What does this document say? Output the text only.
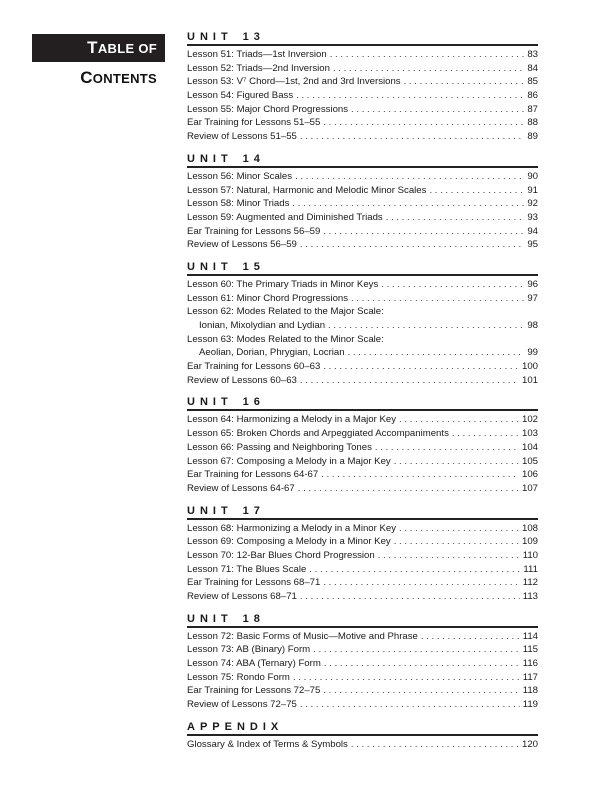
T ABLE OF
CONTENTS
UNIT 13
Lesson 51: Triads—1st Inversion . . .	83
Lesson 52: Triads—2nd Inversion . . .	84
Lesson 53: V⁷ Chord—1st, 2nd and 3rd Inversions . . .	85
Lesson 54: Figured Bass . . .	86
Lesson 55: Major Chord Progressions . . .	87
Ear Training for Lessons 51–55 . . .	88
Review of Lessons 51–55 . . .	89
UNIT 14
Lesson 56: Minor Scales . . .	90
Lesson 57: Natural, Harmonic and Melodic Minor Scales . . .	91
Lesson 58: Minor Triads . . .	92
Lesson 59: Augmented and Diminished Triads . . .	93
Ear Training for Lessons 56–59 . . .	94
Review of Lessons 56–59 . . .	95
UNIT 15
Lesson 60: The Primary Triads in Minor Keys . . .	96
Lesson 61: Minor Chord Progressions . . .	97
Lesson 62: Modes Related to the Major Scale:
Ionian, Mixolydian and Lydian . . .	98
Lesson 63: Modes Related to the Minor Scale:
Aeolian, Dorian, Phrygian, Locrian . . .	99
Ear Training for Lessons 60–63 . . .	100
Review of Lessons 60–63 . . .	101
UNIT 16
Lesson 64: Harmonizing a Melody in a Major Key . . .	102
Lesson 65: Broken Chords and Arpeggiated Accompaniments . . .	103
Lesson 66: Passing and Neighboring Tones . . .	104
Lesson 67: Composing a Melody in a Major Key . . .	105
Ear Training for Lessons 64-67 . . .	106
Review of Lessons 64-67 . . .	107
UNIT 17
Lesson 68: Harmonizing a Melody in a Minor Key . . .	108
Lesson 69: Composing a Melody in a Minor Key . . .	109
Lesson 70: 12-Bar Blues Chord Progression . . .	110
Lesson 71: The Blues Scale . . .	111
Ear Training for Lessons 68–71 . . .	112
Review of Lessons 68–71 . . .	113
UNIT 18
Lesson 72: Basic Forms of Music—Motive and Phrase . . .	114
Lesson 73: AB (Binary) Form . . .	115
Lesson 74: ABA (Ternary) Form . . .	116
Lesson 75: Rondo Form . . .	117
Ear Training for Lessons 72–75 . . .	118
Review of Lessons 72–75 . . .	119
APPENDIX
Glossary & Index of Terms & Symbols . . .	120
